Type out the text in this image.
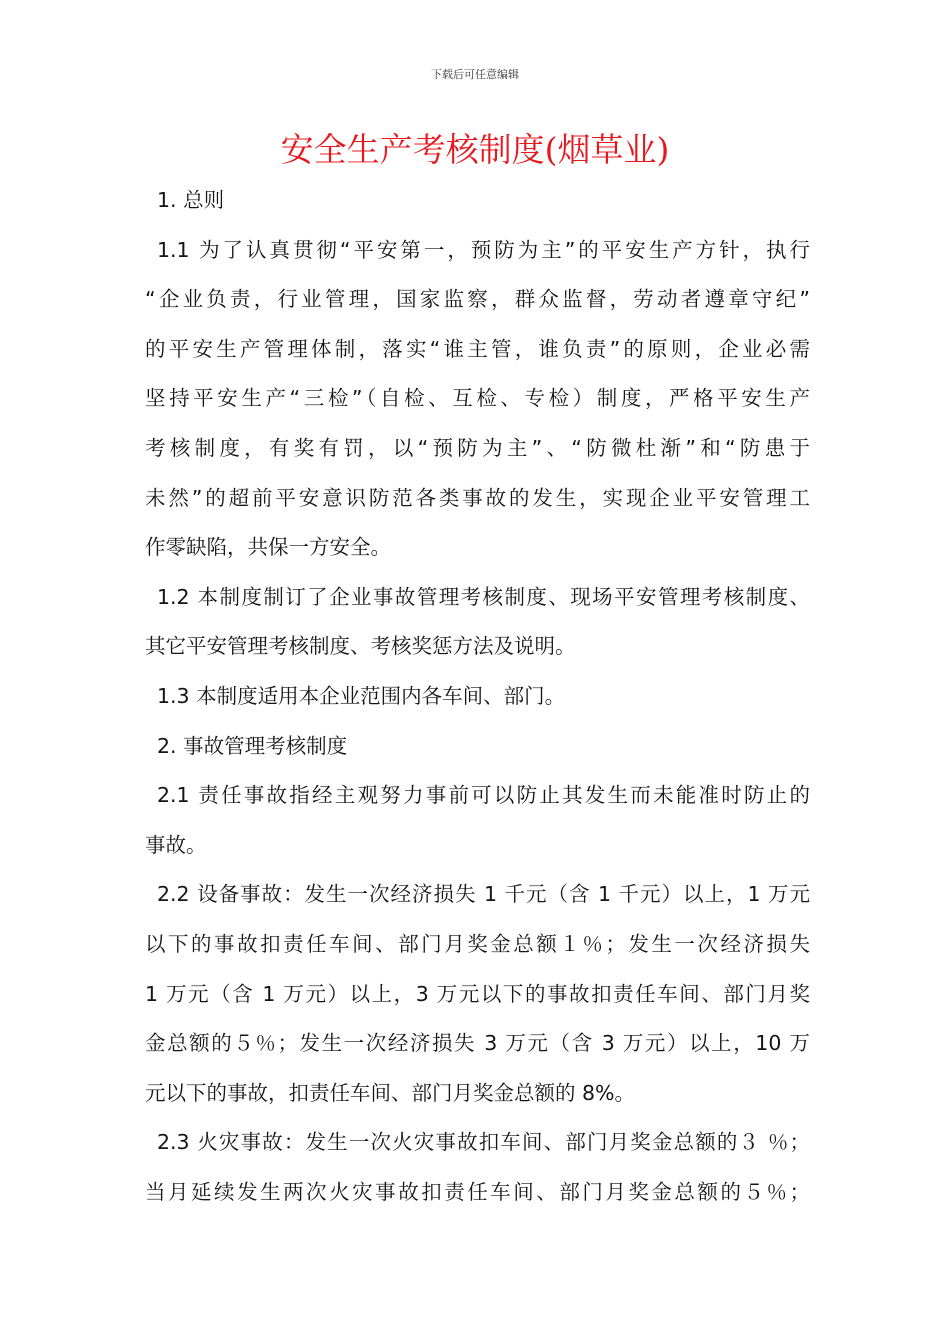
下载后可任意编辑
安全生产考核制度(烟草业)
1. 总则
1.1 为了认真贯彻“平安第一，预防为主”的平安生产方针，执行
“企业负责，行业管理，国家监察，群众监督，劳动者遵章守纪”
的平安生产管理体制，落实“谁主管，谁负责”的原则，企业必需
坚持平安生产“三检”（自检、互检、专检）制度，严格平安生产
考核制度，有奖有罚，以“预防为主”、“防微杜渐”和“防患于
未然”的超前平安意识防范各类事故的发生，实现企业平安管理工
作零缺陷，共保一方安全。
1.2 本制度制订了企业事故管理考核制度、现场平安管理考核制度、
其它平安管理考核制度、考核奖惩方法及说明。
1.3 本制度适用本企业范围内各车间、部门。
2. 事故管理考核制度
2.1 责任事故指经主观努力事前可以防止其发生而未能准时防止的
事故。
2.2 设备事故：发生一次经济损失 1 千元（含 1 千元）以上，1 万元
以下的事故扣责任车间、部门月奖金总额１％；发生一次经济损失
1 万元（含 1 万元）以上，3 万元以下的事故扣责任车间、部门月奖
金总额的５％；发生一次经济损失 3 万元（含 3 万元）以上，10 万
元以下的事故，扣责任车间、部门月奖金总额的 8%。
2.3 火灾事故：发生一次火灾事故扣车间、部门月奖金总额的３ ％；
当月延续发生两次火灾事故扣责任车间、部门月奖金总额的５％；
